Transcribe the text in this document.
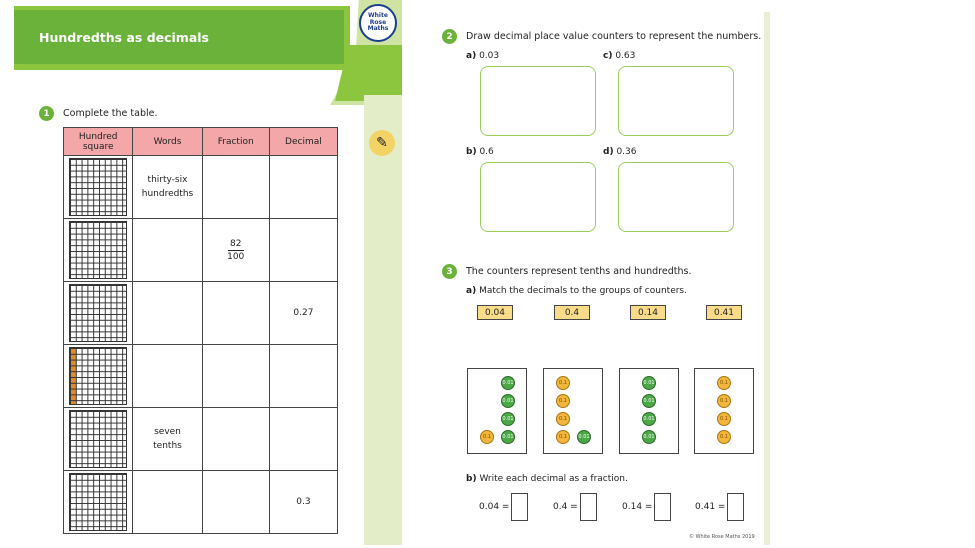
Hundredths as decimals
White
Rose
Maths
✎
1	Complete the table.
Hundred square	Words	Fraction	Decimal

	thirty-six hundredths		

		$\frac{82}{100}$

			0.27

	seven tenths		

			0.3
2	Draw decimal place value counters to represent the numbers.
a) 0.03	c) 0.63
b) 0.6	d) 0.36
3	The counters represent tenths and hundredths.
a) Match the decimals to the groups of counters.
0.04	0.4	0.14	0.41
0.01
0.01
0.01
0.1	0.01
0.1
0.1
0.1
0.1	0.01
0.01
0.01
0.01
0.01
0.1
0.1
0.1
0.1
b) Write each decimal as a fraction.
0.04 =	0.4 =	0.14 =	0.41 =
© White Rose Maths 2019
